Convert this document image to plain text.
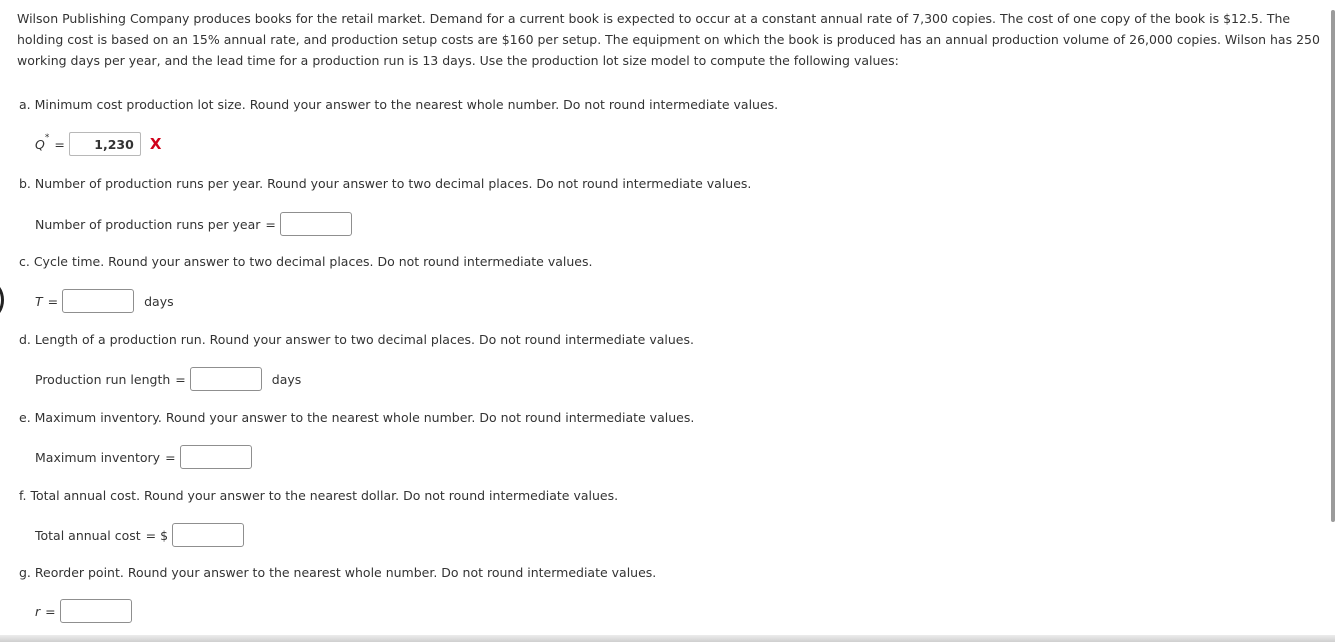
Wilson Publishing Company produces books for the retail market. Demand for a current book is expected to occur at a constant annual rate of 7,300 copies. The cost of one copy of the book is $12.5. The holding cost is based on an 15% annual rate, and production setup costs are $160 per setup. The equipment on which the book is produced has an annual production volume of 26,000 copies. Wilson has 250 working days per year, and the lead time for a production run is 13 days. Use the production lot size model to compute the following values:

a. Minimum cost production lot size. Round your answer to the nearest whole number. Do not round intermediate values.

Q* =
1,230	X

b. Number of production runs per year. Round your answer to two decimal places. Do not round intermediate values.

Number of production runs per year =

c. Cycle time. Round your answer to two decimal places. Do not round intermediate values.

T =	days

d. Length of a production run. Round your answer to two decimal places. Do not round intermediate values.

Production run length =	days

e. Maximum inventory. Round your answer to the nearest whole number. Do not round intermediate values.

Maximum inventory =

f. Total annual cost. Round your answer to the nearest dollar. Do not round intermediate values.

Total annual cost = $

g. Reorder point. Round your answer to the nearest whole number. Do not round intermediate values.

r =
